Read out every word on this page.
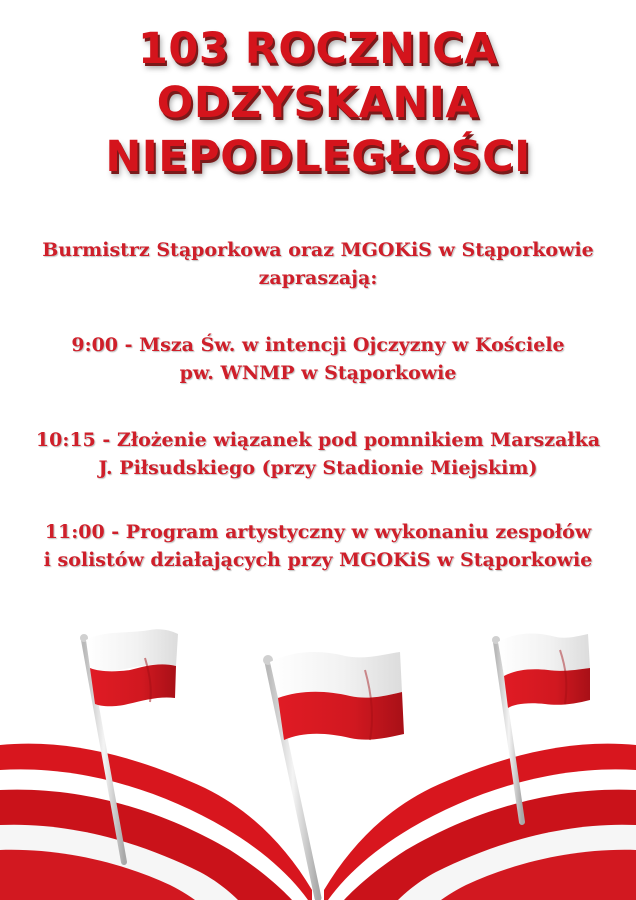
103 ROCZNICA
ODZYSKANIA
NIEPODLEGŁOŚCI
Burmistrz Stąporkowa oraz MGOKiS w Stąporkowie
zapraszają:
9:00 - Msza Św. w intencji Ojczyzny w Kościele
pw. WNMP w Stąporkowie
10:15 - Złożenie wiązanek pod pomnikiem Marszałka
J. Piłsudskiego (przy Stadionie Miejskim)
11:00 - Program artystyczny w wykonaniu zespołów
i solistów działających przy MGOKiS w Stąporkowie
